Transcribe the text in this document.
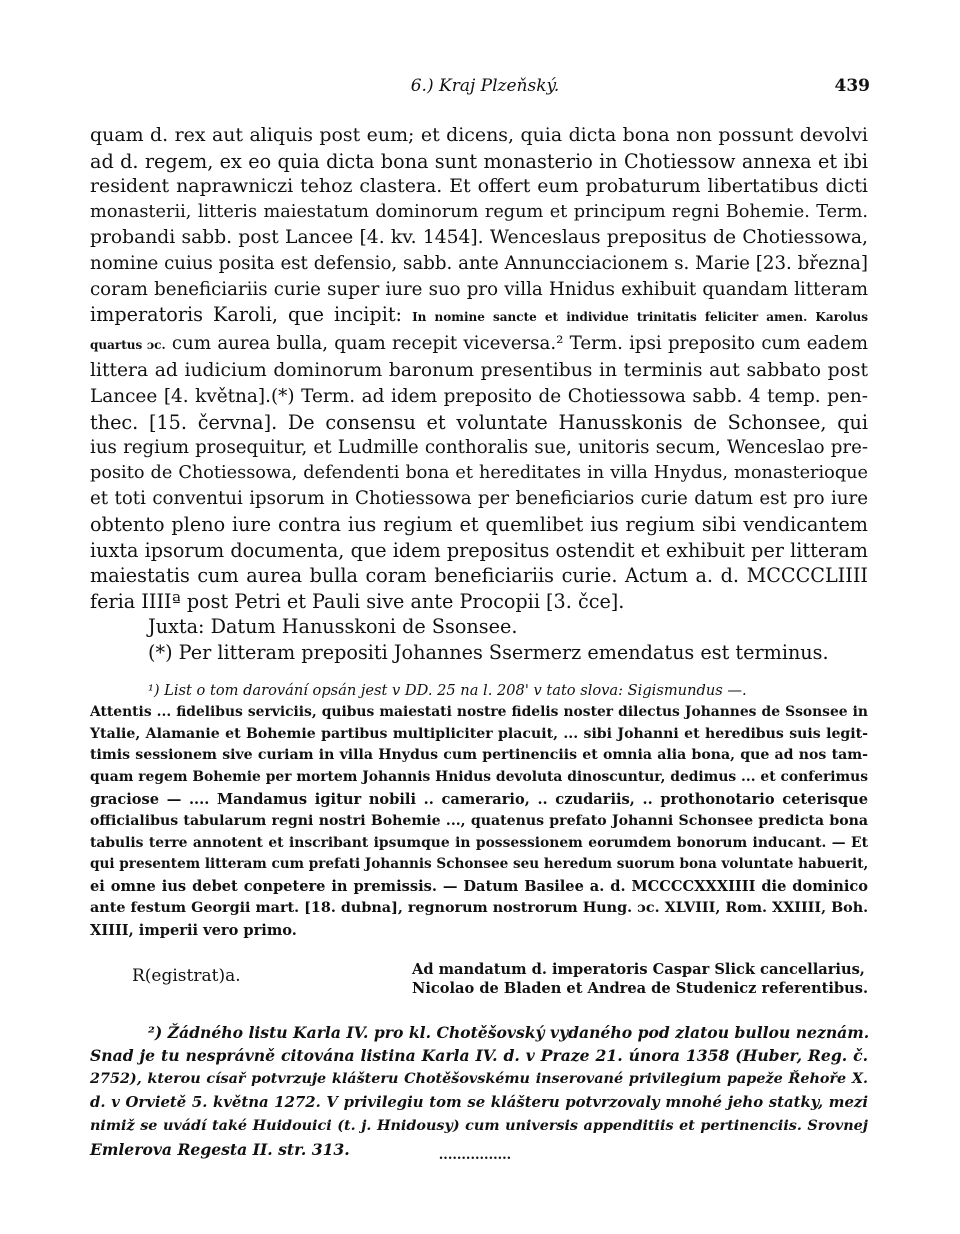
6.) Kraj Plzeňský.	439
quam d. rex aut aliquis post eum; et dicens, quia dicta bona non possunt devolvi
ad d. regem, ex eo quia dicta bona sunt monasterio in Chotiessow annexa et ibi
resident naprawniczi tehoz clastera. Et offert eum probaturum libertatibus dicti
monasterii, litteris maiestatum dominorum regum et principum regni Bohemie. Term.
probandi sabb. post Lancee [4. kv. 1454]. Wenceslaus prepositus de Chotiessowa,
nomine cuius posita est defensio, sabb. ante Annuncciacionem s. Marie [23. března]
coram beneficiariis curie super iure suo pro villa Hnidus exhibuit quandam litteram
imperatoris Karoli, que incipit: In nomine sancte et individue trinitatis feliciter amen. Karolus
quartus ɔc. cum aurea bulla, quam recepit viceversa.² Term. ipsi preposito cum eadem
littera ad iudicium dominorum baronum presentibus in terminis aut sabbato post
Lancee [4. května].(*) Term. ad idem preposito de Chotiessowa sabb. 4 temp. pen-
thec. [15. června]. De consensu et voluntate Hanusskonis de Schonsee, qui
ius regium prosequitur, et Ludmille conthoralis sue, unitoris secum, Wenceslao pre-
posito de Chotiessowa, defendenti bona et hereditates in villa Hnydus, monasterioque
et toti conventui ipsorum in Chotiessowa per beneficiarios curie datum est pro iure
obtento pleno iure contra ius regium et quemlibet ius regium sibi vendicantem
iuxta ipsorum documenta, que idem prepositus ostendit et exhibuit per litteram
maiestatis cum aurea bulla coram beneficiariis curie. Actum a. d. MCCCCLIIII
feria IIIIª post Petri et Pauli sive ante Procopii [3. čce].
Juxta: Datum Hanusskoni de Ssonsee.
(*) Per litteram prepositi Johannes Ssermerz emendatus est terminus.
¹) List o tom darování opsán jest v DD. 25 na l. 208' v tato slova: Sigismundus —.
Attentis ... fidelibus serviciis, quibus maiestati nostre fidelis noster dilectus Johannes de Ssonsee in
Ytalie, Alamanie et Bohemie partibus multipliciter placuit, ... sibi Johanni et heredibus suis legit-
timis sessionem sive curiam in villa Hnydus cum pertinenciis et omnia alia bona, que ad nos tam-
quam regem Bohemie per mortem Johannis Hnidus devoluta dinoscuntur, dedimus ... et conferimus
graciose — .... Mandamus igitur nobili .. camerario, .. czudariis, .. prothonotario ceterisque
officialibus tabularum regni nostri Bohemie ..., quatenus prefato Johanni Schonsee predicta bona
tabulis terre annotent et inscribant ipsumque in possessionem eorumdem bonorum inducant. — Et
qui presentem litteram cum prefati Johannis Schonsee seu heredum suorum bona voluntate habuerit,
ei omne ius debet conpetere in premissis. — Datum Basilee a. d. MCCCCXXXIIII die dominico
ante festum Georgii mart. [18. dubna], regnorum nostrorum Hung. ɔc. XLVIII, Rom. XXIIII, Boh.
XIIII, imperii vero primo.
R(egistrat)a.	Ad mandatum d. imperatoris Caspar Slick cancellarius,
Nicolao de Bladen et Andrea de Studenicz referentibus.
²) Žádného listu Karla IV. pro kl. Chotěšovský vydaného pod zlatou bullou neznám.
Snad je tu nesprávně citována listina Karla IV. d. v Praze 21. února 1358 (Huber, Reg. č.
2752), kterou císař potvrzuje klášteru Chotěšovskému inserované privilegium papeže Řehoře X.
d. v Orvietě 5. května 1272. V privilegiu tom se klášteru potvrzovaly mnohé jeho statky, mezi
nimiž se uvádí také Huidouici (t. j. Hnidousy) cum universis appenditiis et pertinenciis. Srovnej
Emlerova Regesta II. str. 313.	................
